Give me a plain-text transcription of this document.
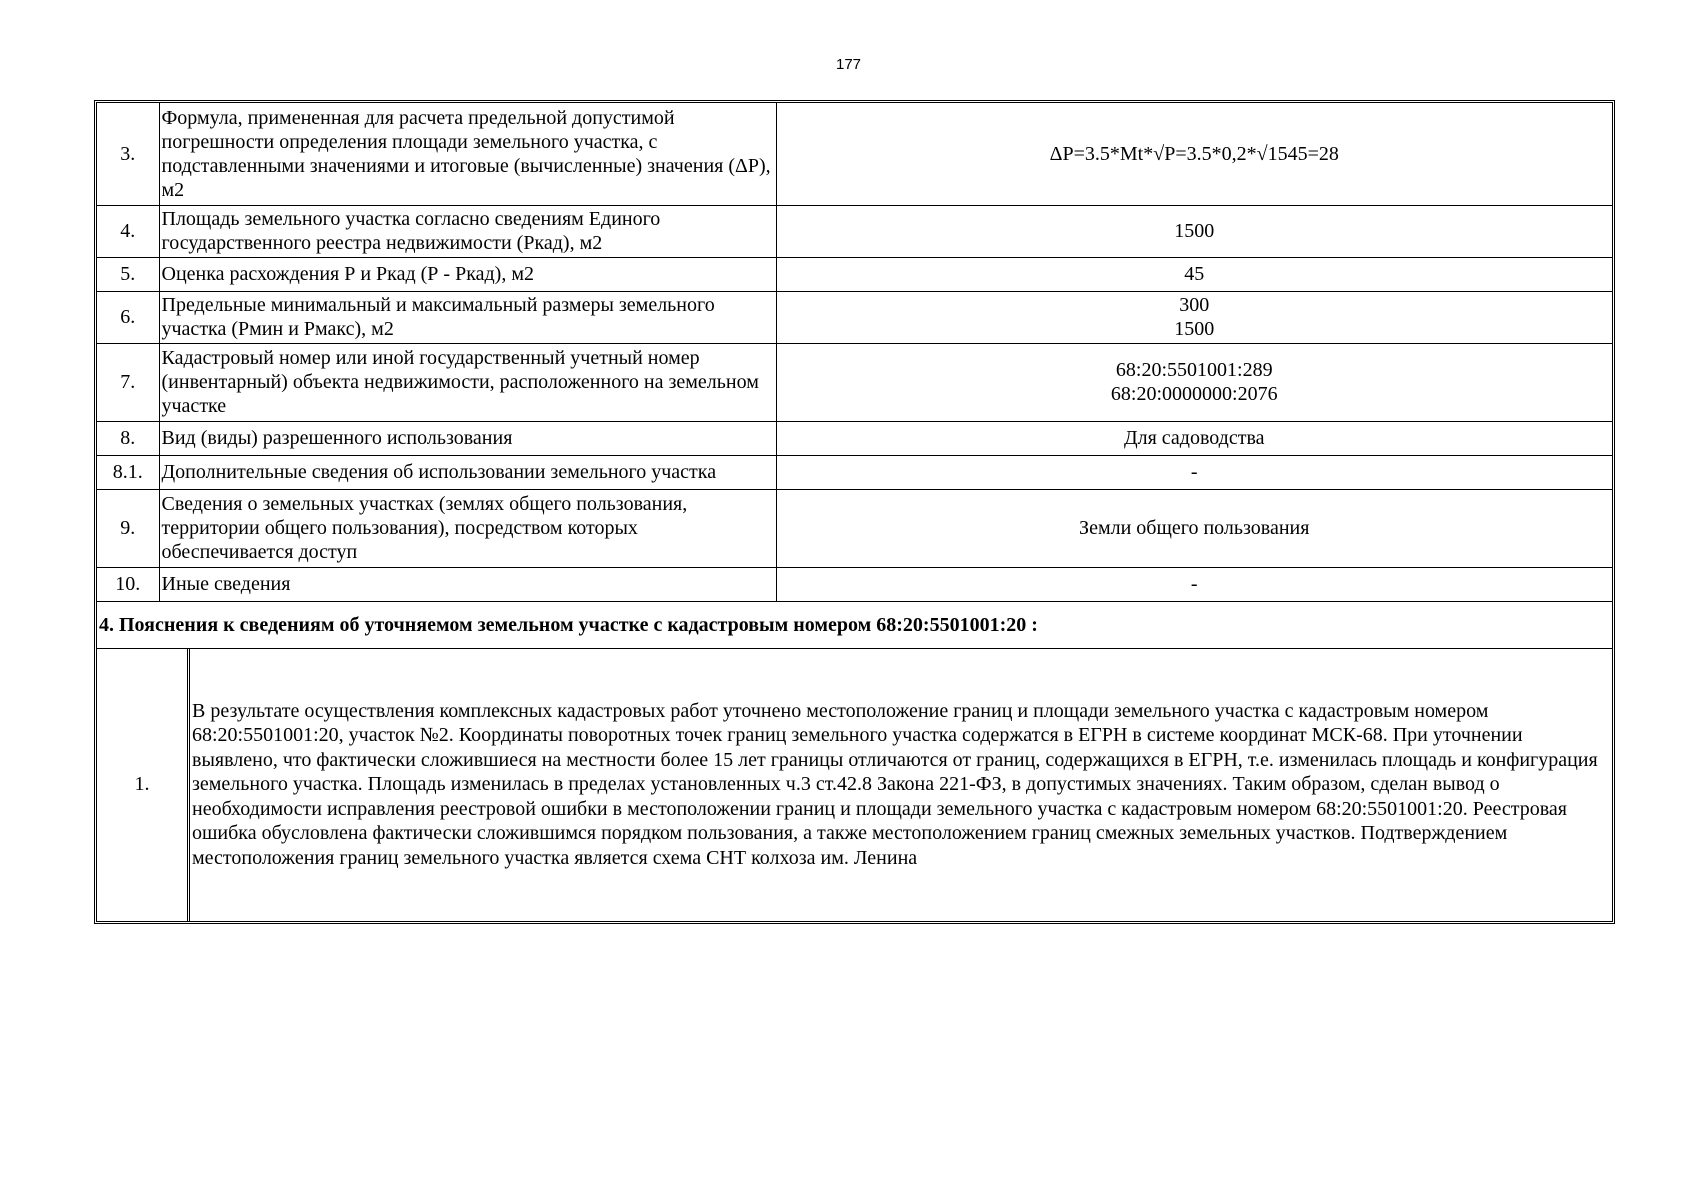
177
3.	Формула, примененная для расчета предельной допустимой погрешности определения площади земельного участка, с подставленными значениями и итоговые (вычисленные) значения (ΔP), м2	ΔP=3.5*Mt*√P=3.5*0,2*√1545=28
4.	Площадь земельного участка согласно сведениям Единого государственного реестра недвижимости (Ркад), м2	1500
5.	Оценка расхождения Р и Ркад (Р - Ркад), м2	45
6.	Предельные минимальный и максимальный размеры земельного участка (Рмин и Рмакс), м2	300
1500

7.	Кадастровый номер или иной государственный учетный номер (инвентарный) объекта недвижимости, расположенного на земельном участке	68:20:5501001:289
68:20:0000000:2076

8.	Вид (виды) разрешенного использования	Для садоводства
8.1.	Дополнительные сведения об использовании земельного участка	-
9.	Сведения о земельных участках (землях общего пользования, территории общего пользования), посредством которых обеспечивается доступ	Земли общего пользования
10.	Иные сведения	-
4. Пояснения к сведениям об уточняемом земельном участке с кадастровым номером 68:20:5501001:20 :		
1.	В результате осуществления комплексных кадастровых работ уточнено местоположение границ и площади земельного участка с кадастровым номером 68:20:5501001:20, участок №2. Координаты поворотных точек границ земельного участка содержатся в ЕГРН в системе координат МСК-68. При уточнении выявлено, что фактически сложившиеся на местности более 15 лет границы отличаются от границ, содержащихся в ЕГРН, т.е. изменилась площадь и конфигурация земельного участка. Площадь изменилась в пределах установленных ч.3 ст.42.8 Закона 221-ФЗ, в допустимых значениях. Таким образом, сделан вывод о необходимости исправления реестровой ошибки в местоположении границ и площади земельного участка с кадастровым номером 68:20:5501001:20. Реестровая ошибка обусловлена фактически сложившимся порядком пользования, а также местоположением границ смежных земельных участков. Подтверждением местоположения границ земельного участка является схема СНТ колхоза им. Ленина
